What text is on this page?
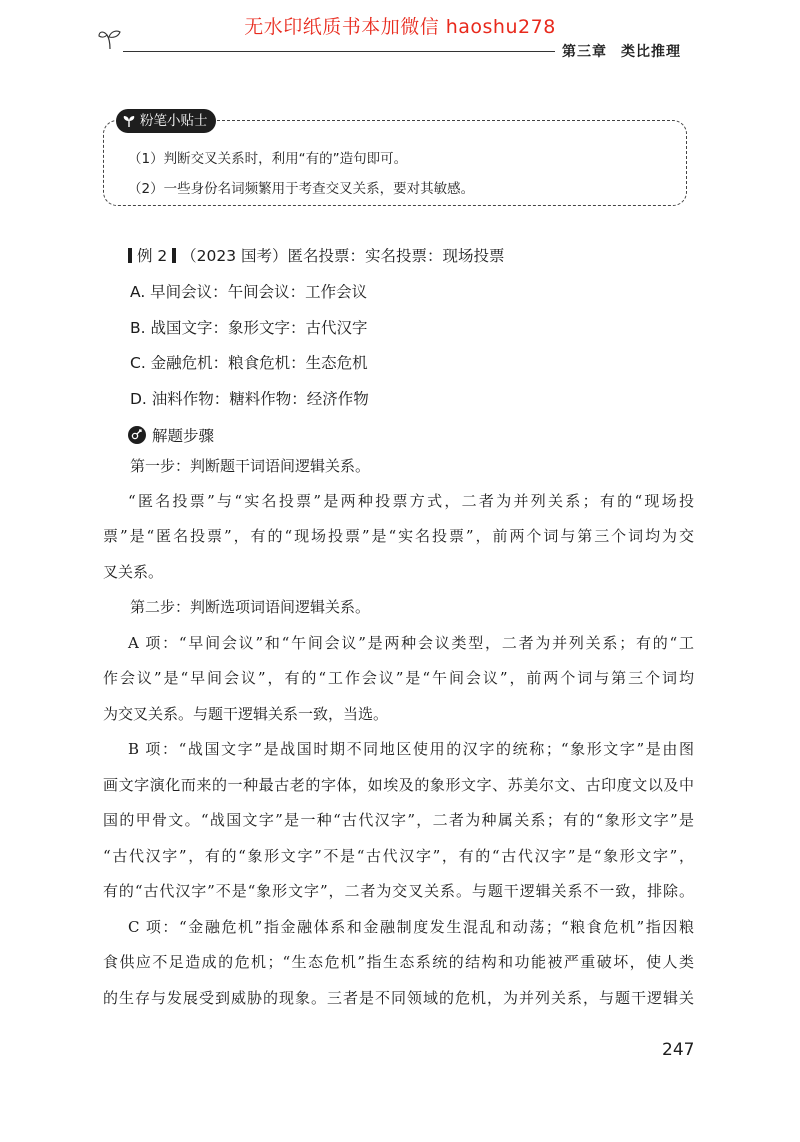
无水印纸质书本加微信 haoshu278
第三章 类比推理
粉笔小贴士
（1）判断交叉关系时，利用“有的”造句即可。
（2）一些身份名词频繁用于考查交叉关系，要对其敏感。
例 2 （2023 国考）匿名投票：实名投票：现场投票
A. 早间会议：午间会议：工作会议
B. 战国文字：象形文字：古代汉字
C. 金融危机：粮食危机：生态危机
D. 油料作物：糖料作物：经济作物
解题步骤
第一步：判断题干词语间逻辑关系。
“匿名投票”与“实名投票”是两种投票方式，二者为并列关系；有的“现场投
票”是“匿名投票”，有的“现场投票”是“实名投票”，前两个词与第三个词均为交
叉关系。
第二步：判断选项词语间逻辑关系。
A 项：“早间会议”和“午间会议”是两种会议类型，二者为并列关系；有的“工
作会议”是“早间会议”，有的“工作会议”是“午间会议”，前两个词与第三个词均
为交叉关系。与题干逻辑关系一致，当选。
B 项：“战国文字”是战国时期不同地区使用的汉字的统称；“象形文字”是由图
画文字演化而来的一种最古老的字体，如埃及的象形文字、苏美尔文、古印度文以及中
国的甲骨文。“战国文字”是一种“古代汉字”，二者为种属关系；有的“象形文字”是
“古代汉字”，有的“象形文字”不是“古代汉字”，有的“古代汉字”是“象形文字”，
有的“古代汉字”不是“象形文字”，二者为交叉关系。与题干逻辑关系不一致，排除。
C 项：“金融危机”指金融体系和金融制度发生混乱和动荡；“粮食危机”指因粮
食供应不足造成的危机；“生态危机”指生态系统的结构和功能被严重破坏，使人类
的生存与发展受到威胁的现象。三者是不同领域的危机，为并列关系，与题干逻辑关
247
